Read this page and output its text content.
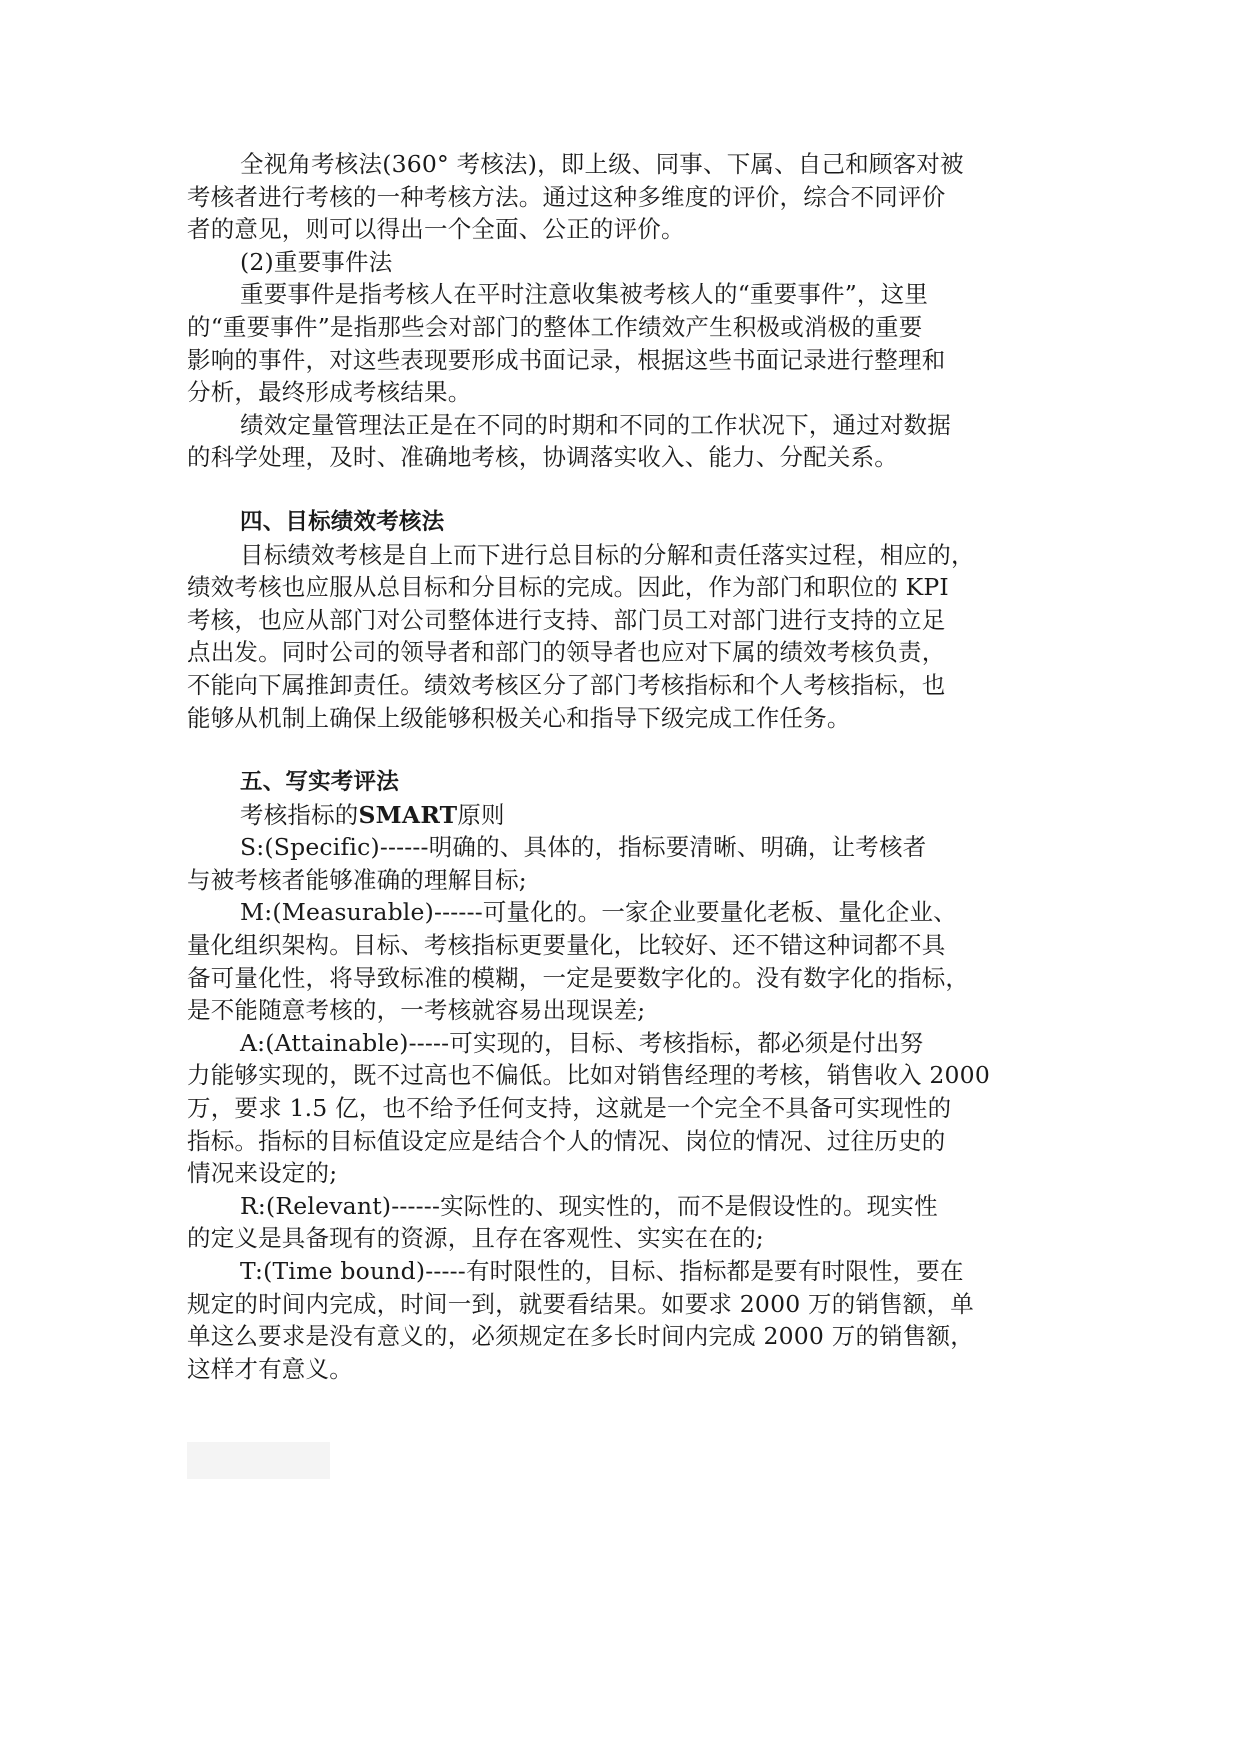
全视角考核法(360° 考核法)，即上级、同事、下属、自己和顾客对被
考核者进行考核的一种考核方法。通过这种多维度的评价，综合不同评价
者的意见，则可以得出一个全面、公正的评价。
(2)重要事件法
重要事件是指考核人在平时注意收集被考核人的“重要事件”，这里
的“重要事件”是指那些会对部门的整体工作绩效产生积极或消极的重要
影响的事件，对这些表现要形成书面记录，根据这些书面记录进行整理和
分析，最终形成考核结果。
绩效定量管理法正是在不同的时期和不同的工作状况下，通过对数据
的科学处理，及时、准确地考核，协调落实收入、能力、分配关系。
四、目标绩效考核法
目标绩效考核是自上而下进行总目标的分解和责任落实过程，相应的，
绩效考核也应服从总目标和分目标的完成。因此，作为部门和职位的 KPI
考核，也应从部门对公司整体进行支持、部门员工对部门进行支持的立足
点出发。同时公司的领导者和部门的领导者也应对下属的绩效考核负责，
不能向下属推卸责任。绩效考核区分了部门考核指标和个人考核指标，也
能够从机制上确保上级能够积极关心和指导下级完成工作任务。
五、写实考评法
考核指标的SMART原则
S:(Specific)------明确的、具体的，指标要清晰、明确，让考核者
与被考核者能够准确的理解目标;
M:(Measurable)------可量化的。一家企业要量化老板、量化企业、
量化组织架构。目标、考核指标更要量化，比较好、还不错这种词都不具
备可量化性，将导致标准的模糊，一定是要数字化的。没有数字化的指标，
是不能随意考核的，一考核就容易出现误差;
A:(Attainable)-----可实现的，目标、考核指标，都必须是付出努
力能够实现的，既不过高也不偏低。比如对销售经理的考核，销售收入 2000
万，要求 1.5 亿，也不给予任何支持，这就是一个完全不具备可实现性的
指标。指标的目标值设定应是结合个人的情况、岗位的情况、过往历史的
情况来设定的;
R:(Relevant)------实际性的、现实性的，而不是假设性的。现实性
的定义是具备现有的资源，且存在客观性、实实在在的;
T:(Time bound)-----有时限性的，目标、指标都是要有时限性，要在
规定的时间内完成，时间一到，就要看结果。如要求 2000 万的销售额，单
单这么要求是没有意义的，必须规定在多长时间内完成 2000 万的销售额，
这样才有意义。
